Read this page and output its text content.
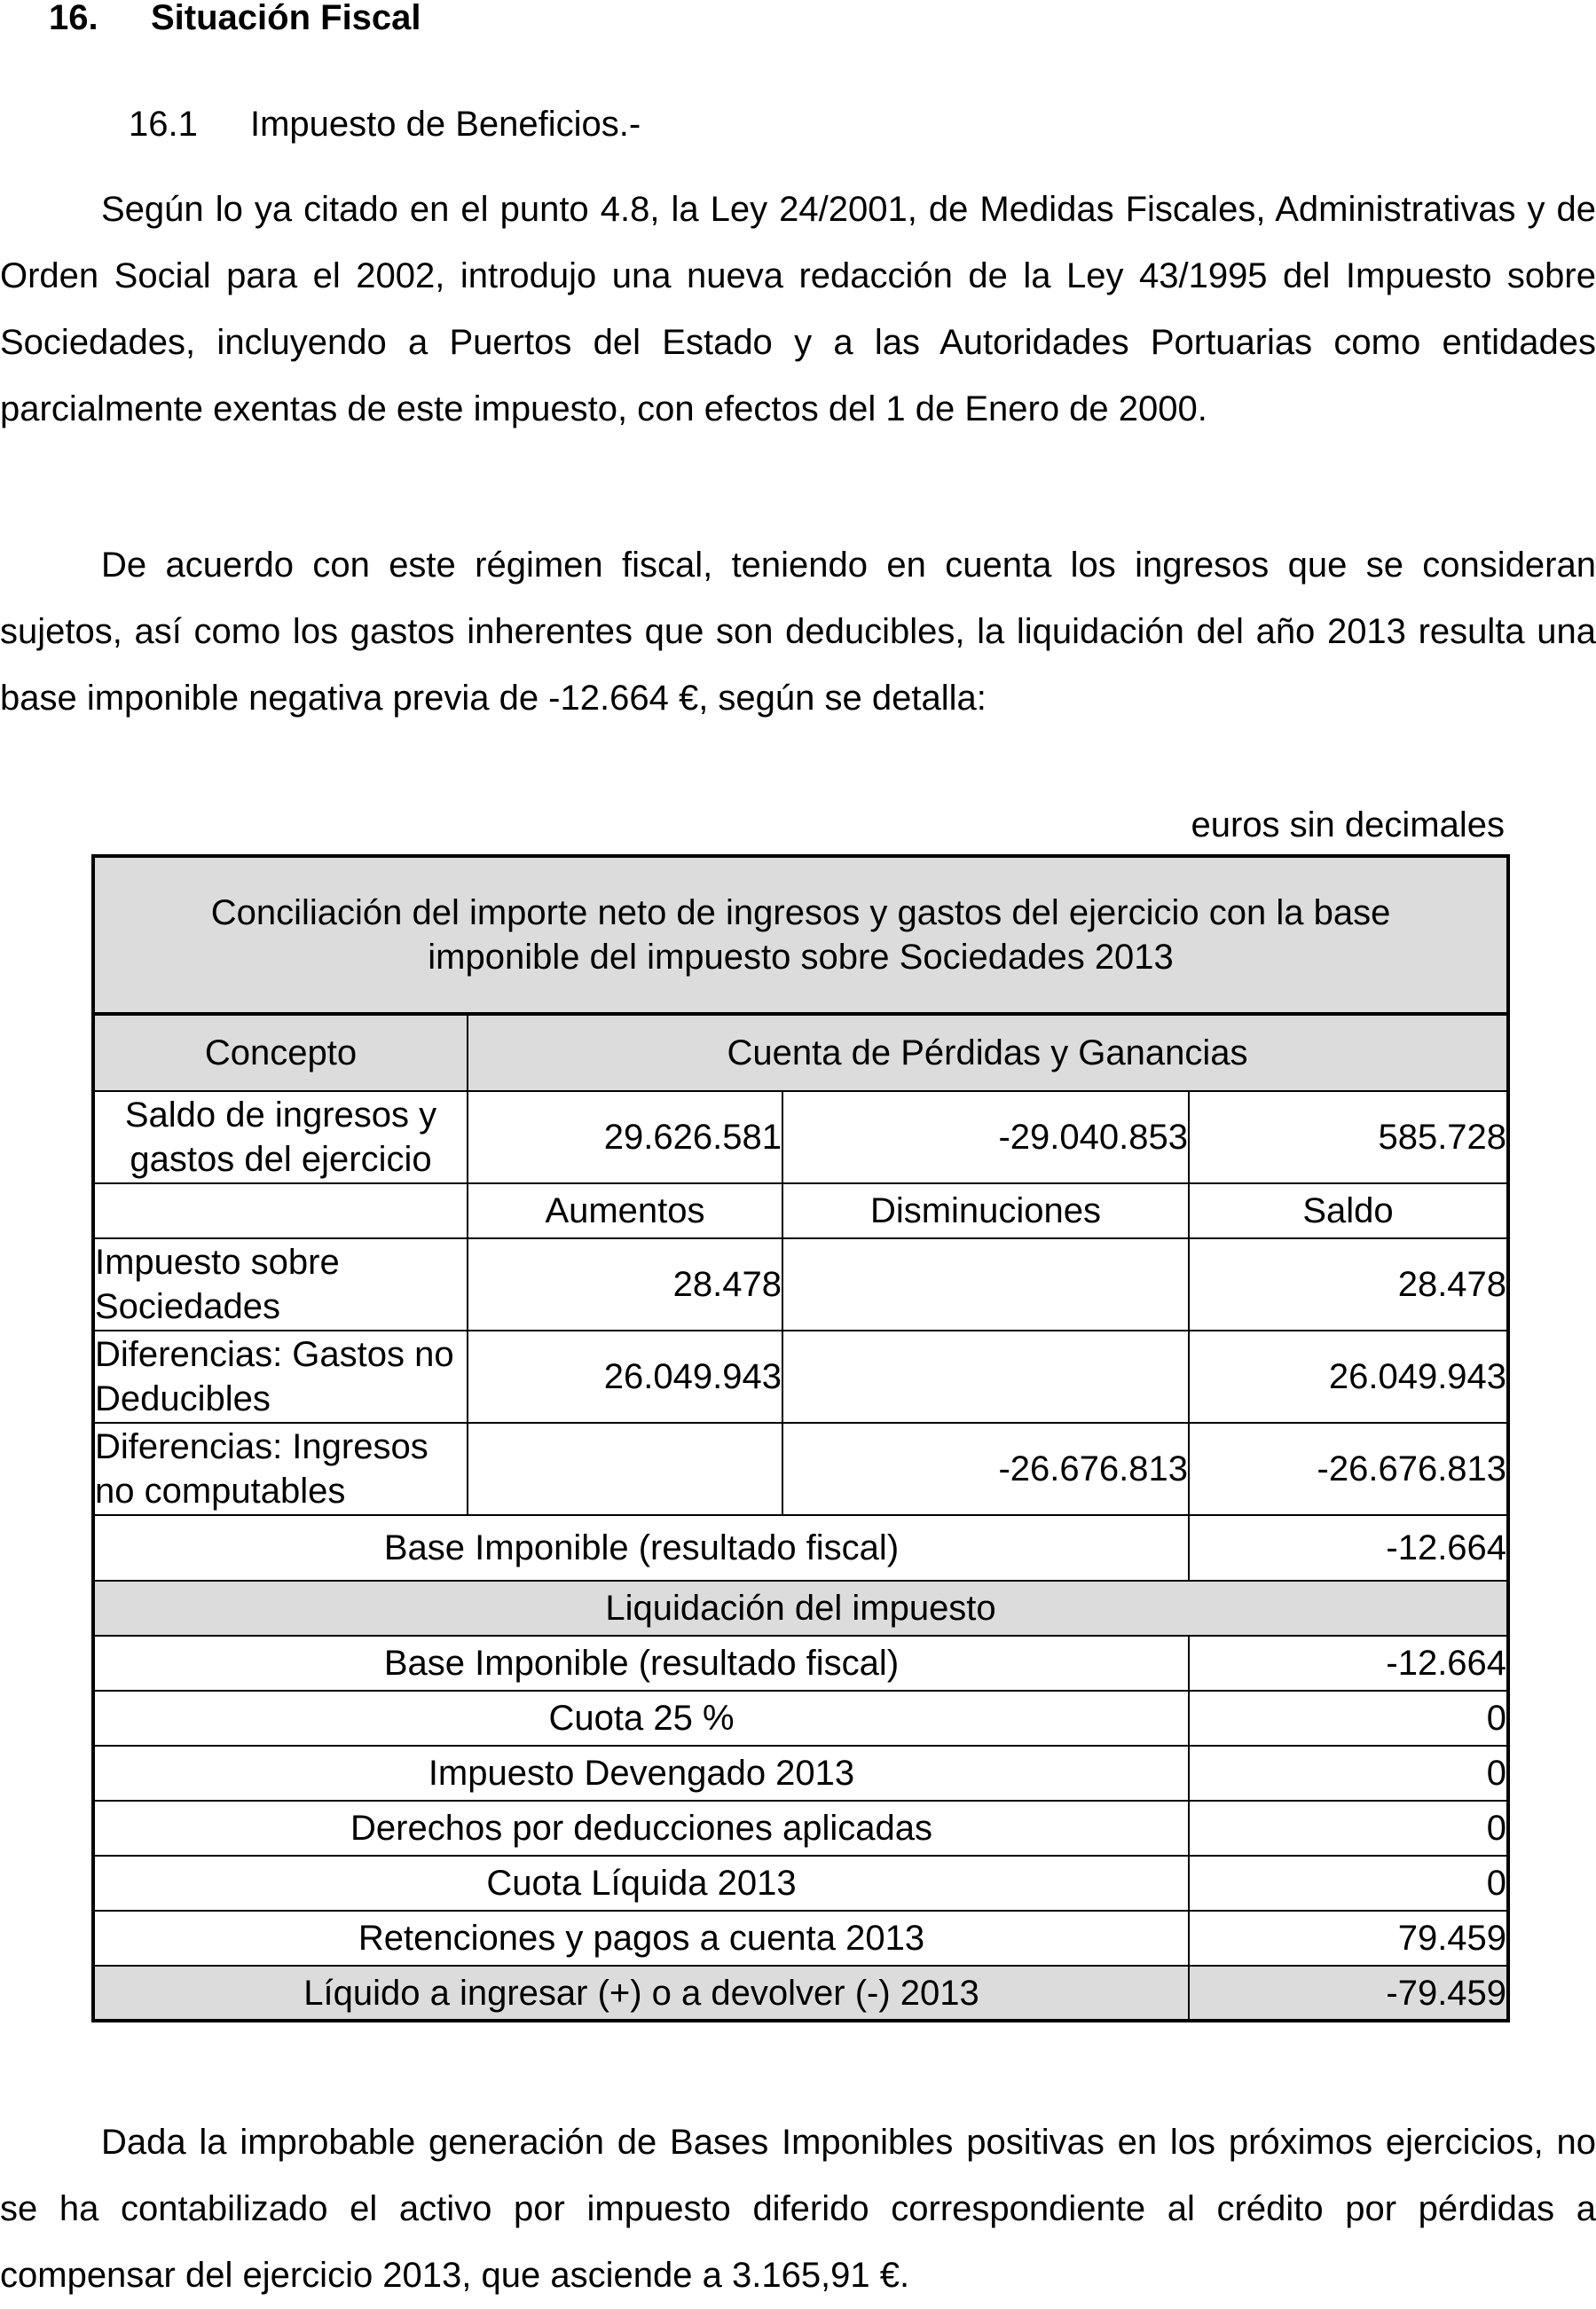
16. Situación Fiscal
16.1 Impuesto de Beneficios.-
Según lo ya citado en el punto 4.8, la Ley 24/2001, de Medidas Fiscales, Administrativas y de Orden Social para el 2002, introdujo una nueva redacción de la Ley 43/1995 del Impuesto sobre Sociedades, incluyendo a Puertos del Estado y a las Autoridades Portuarias como entidades parcialmente exentas de este impuesto, con efectos del 1 de Enero de 2000.
De acuerdo con este régimen fiscal, teniendo en cuenta los ingresos que se consideran sujetos, así como los gastos inherentes que son deducibles, la liquidación del año 2013 resulta una base imponible negativa previa de -12.664 €, según se detalla:
euros sin decimales
Conciliación del importe neto de ingresos y gastos del ejercicio con la base imponible del impuesto sobre Sociedades 2013			
Concepto	Cuenta de Pérdidas y Ganancias		
Saldo de ingresos y gastos del ejercicio	29.626.581	-29.040.853	585.728
	Aumentos	Disminuciones	Saldo
Impuesto sobre Sociedades	28.478		28.478
Diferencias: Gastos no Deducibles	26.049.943		26.049.943
Diferencias: Ingresos no computables		-26.676.813	-26.676.813
Base Imponible (resultado fiscal)			-12.664
Liquidación del impuesto			
Base Imponible (resultado fiscal)			-12.664
Cuota 25 %			0
Impuesto Devengado 2013			0
Derechos por deducciones aplicadas			0
Cuota Líquida 2013			0
Retenciones y pagos a cuenta 2013			79.459
Líquido a ingresar (+) o a devolver (-) 2013			-79.459
Dada la improbable generación de Bases Imponibles positivas en los próximos ejercicios, no se ha contabilizado el activo por impuesto diferido correspondiente al crédito por pérdidas a compensar del ejercicio 2013, que asciende a 3.165,91 €.
